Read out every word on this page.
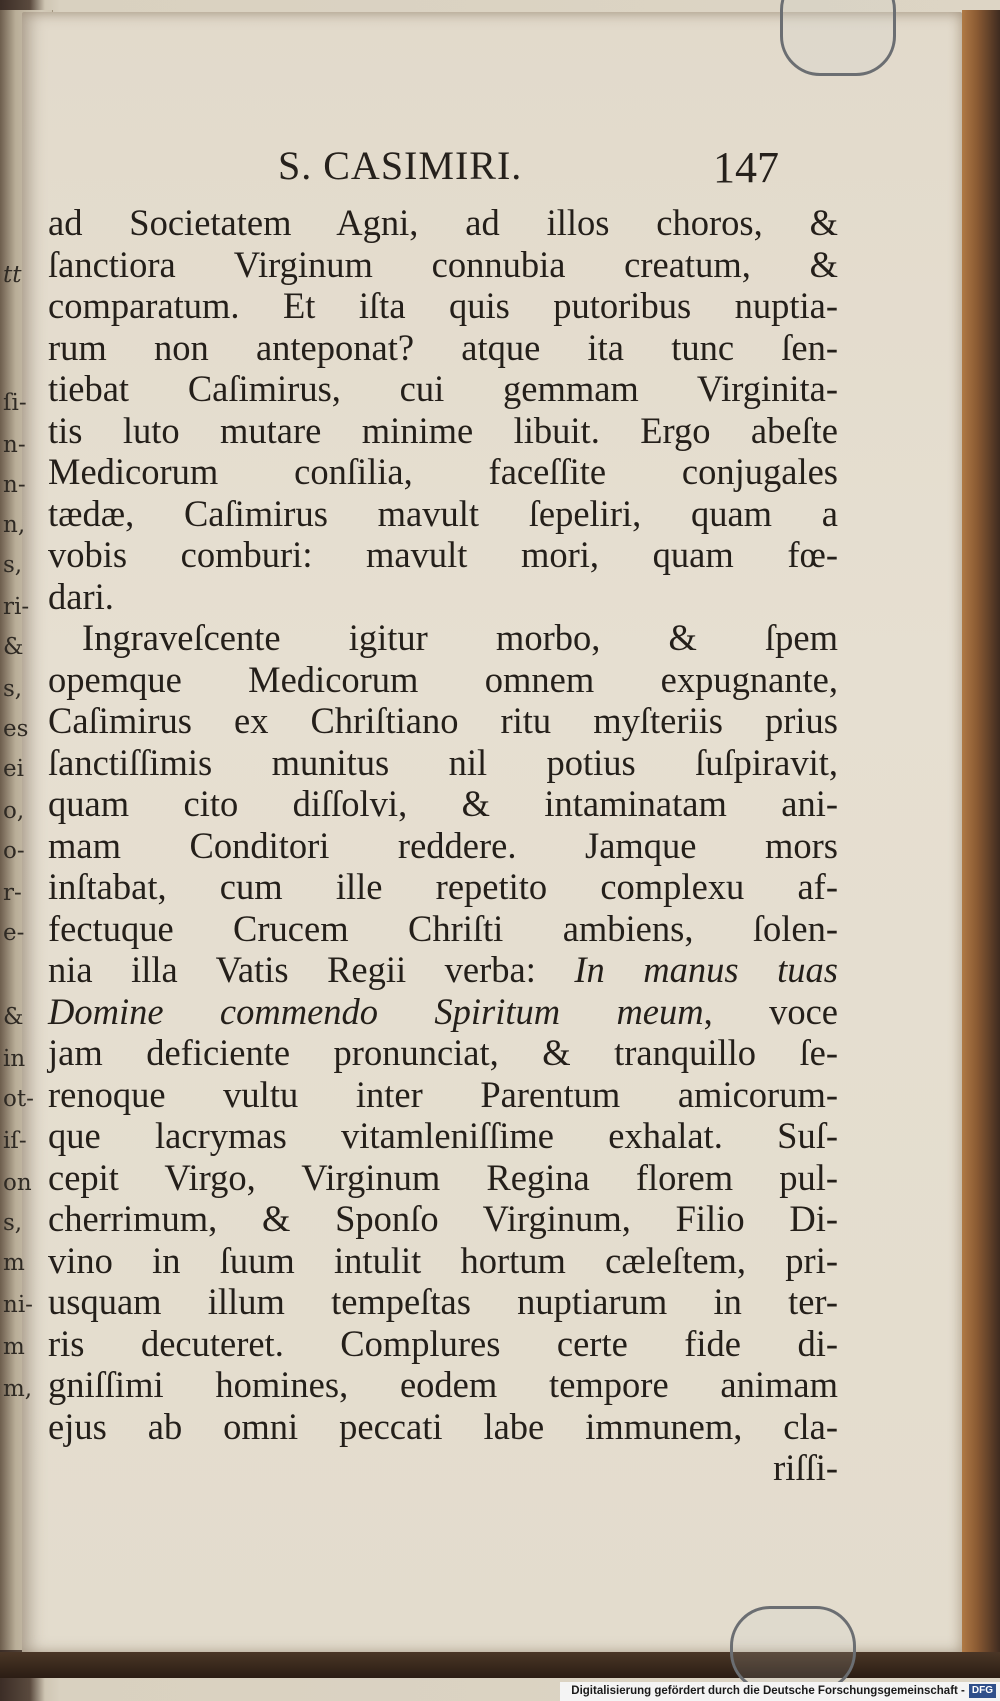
tt
ſi-
n-
n-
n,
s,
ri-
&
s,
es
ei
o,
o-
r-
e-
&
in
ot-
iſ-
on
s,
m
ni-
m
m,
S. CASIMIRI.	147
ad Societatem Agni, ad illos choros, &
ſanctiora Virginum connubia creatum, &
comparatum. Et iſta quis putoribus nuptia-
rum non anteponat? atque ita tunc ſen-
tiebat Caſimirus, cui gemmam Virginita-
tis luto mutare minime libuit. Ergo abeſte
Medicorum conſilia, faceſſite conjugales
tædæ, Caſimirus mavult ſepeliri, quam a
vobis comburi: mavult mori, quam fœ-
dari.
Ingraveſcente igitur morbo, & ſpem
opemque Medicorum omnem expugnante,
Caſimirus ex Chriſtiano ritu myſteriis prius
ſanctiſſimis munitus nil potius ſuſpiravit,
quam cito diſſolvi, & intaminatam ani-
mam Conditori reddere. Jamque mors
inſtabat, cum ille repetito complexu af-
fectuque Crucem Chriſti ambiens, ſolen-
nia illa Vatis Regii verba: In manus tuas
Domine commendo Spiritum meum, voce
jam deficiente pronunciat, & tranquillo ſe-
renoque vultu inter Parentum amicorum-
que lacrymas vitamleniſſime exhalat. Suſ-
cepit Virgo, Virginum Regina florem pul-
cherrimum, & Sponſo Virginum, Filio Di-
vino in ſuum intulit hortum cæleſtem, pri-
usquam illum tempeſtas nuptiarum in ter-
ris decuteret. Complures certe fide di-
gniſſimi homines, eodem tempore animam
ejus ab omni peccati labe immunem, cla-
riſſi-
Digitalisierung gefördert durch die Deutsche Forschungsgemeinschaft - DFG
